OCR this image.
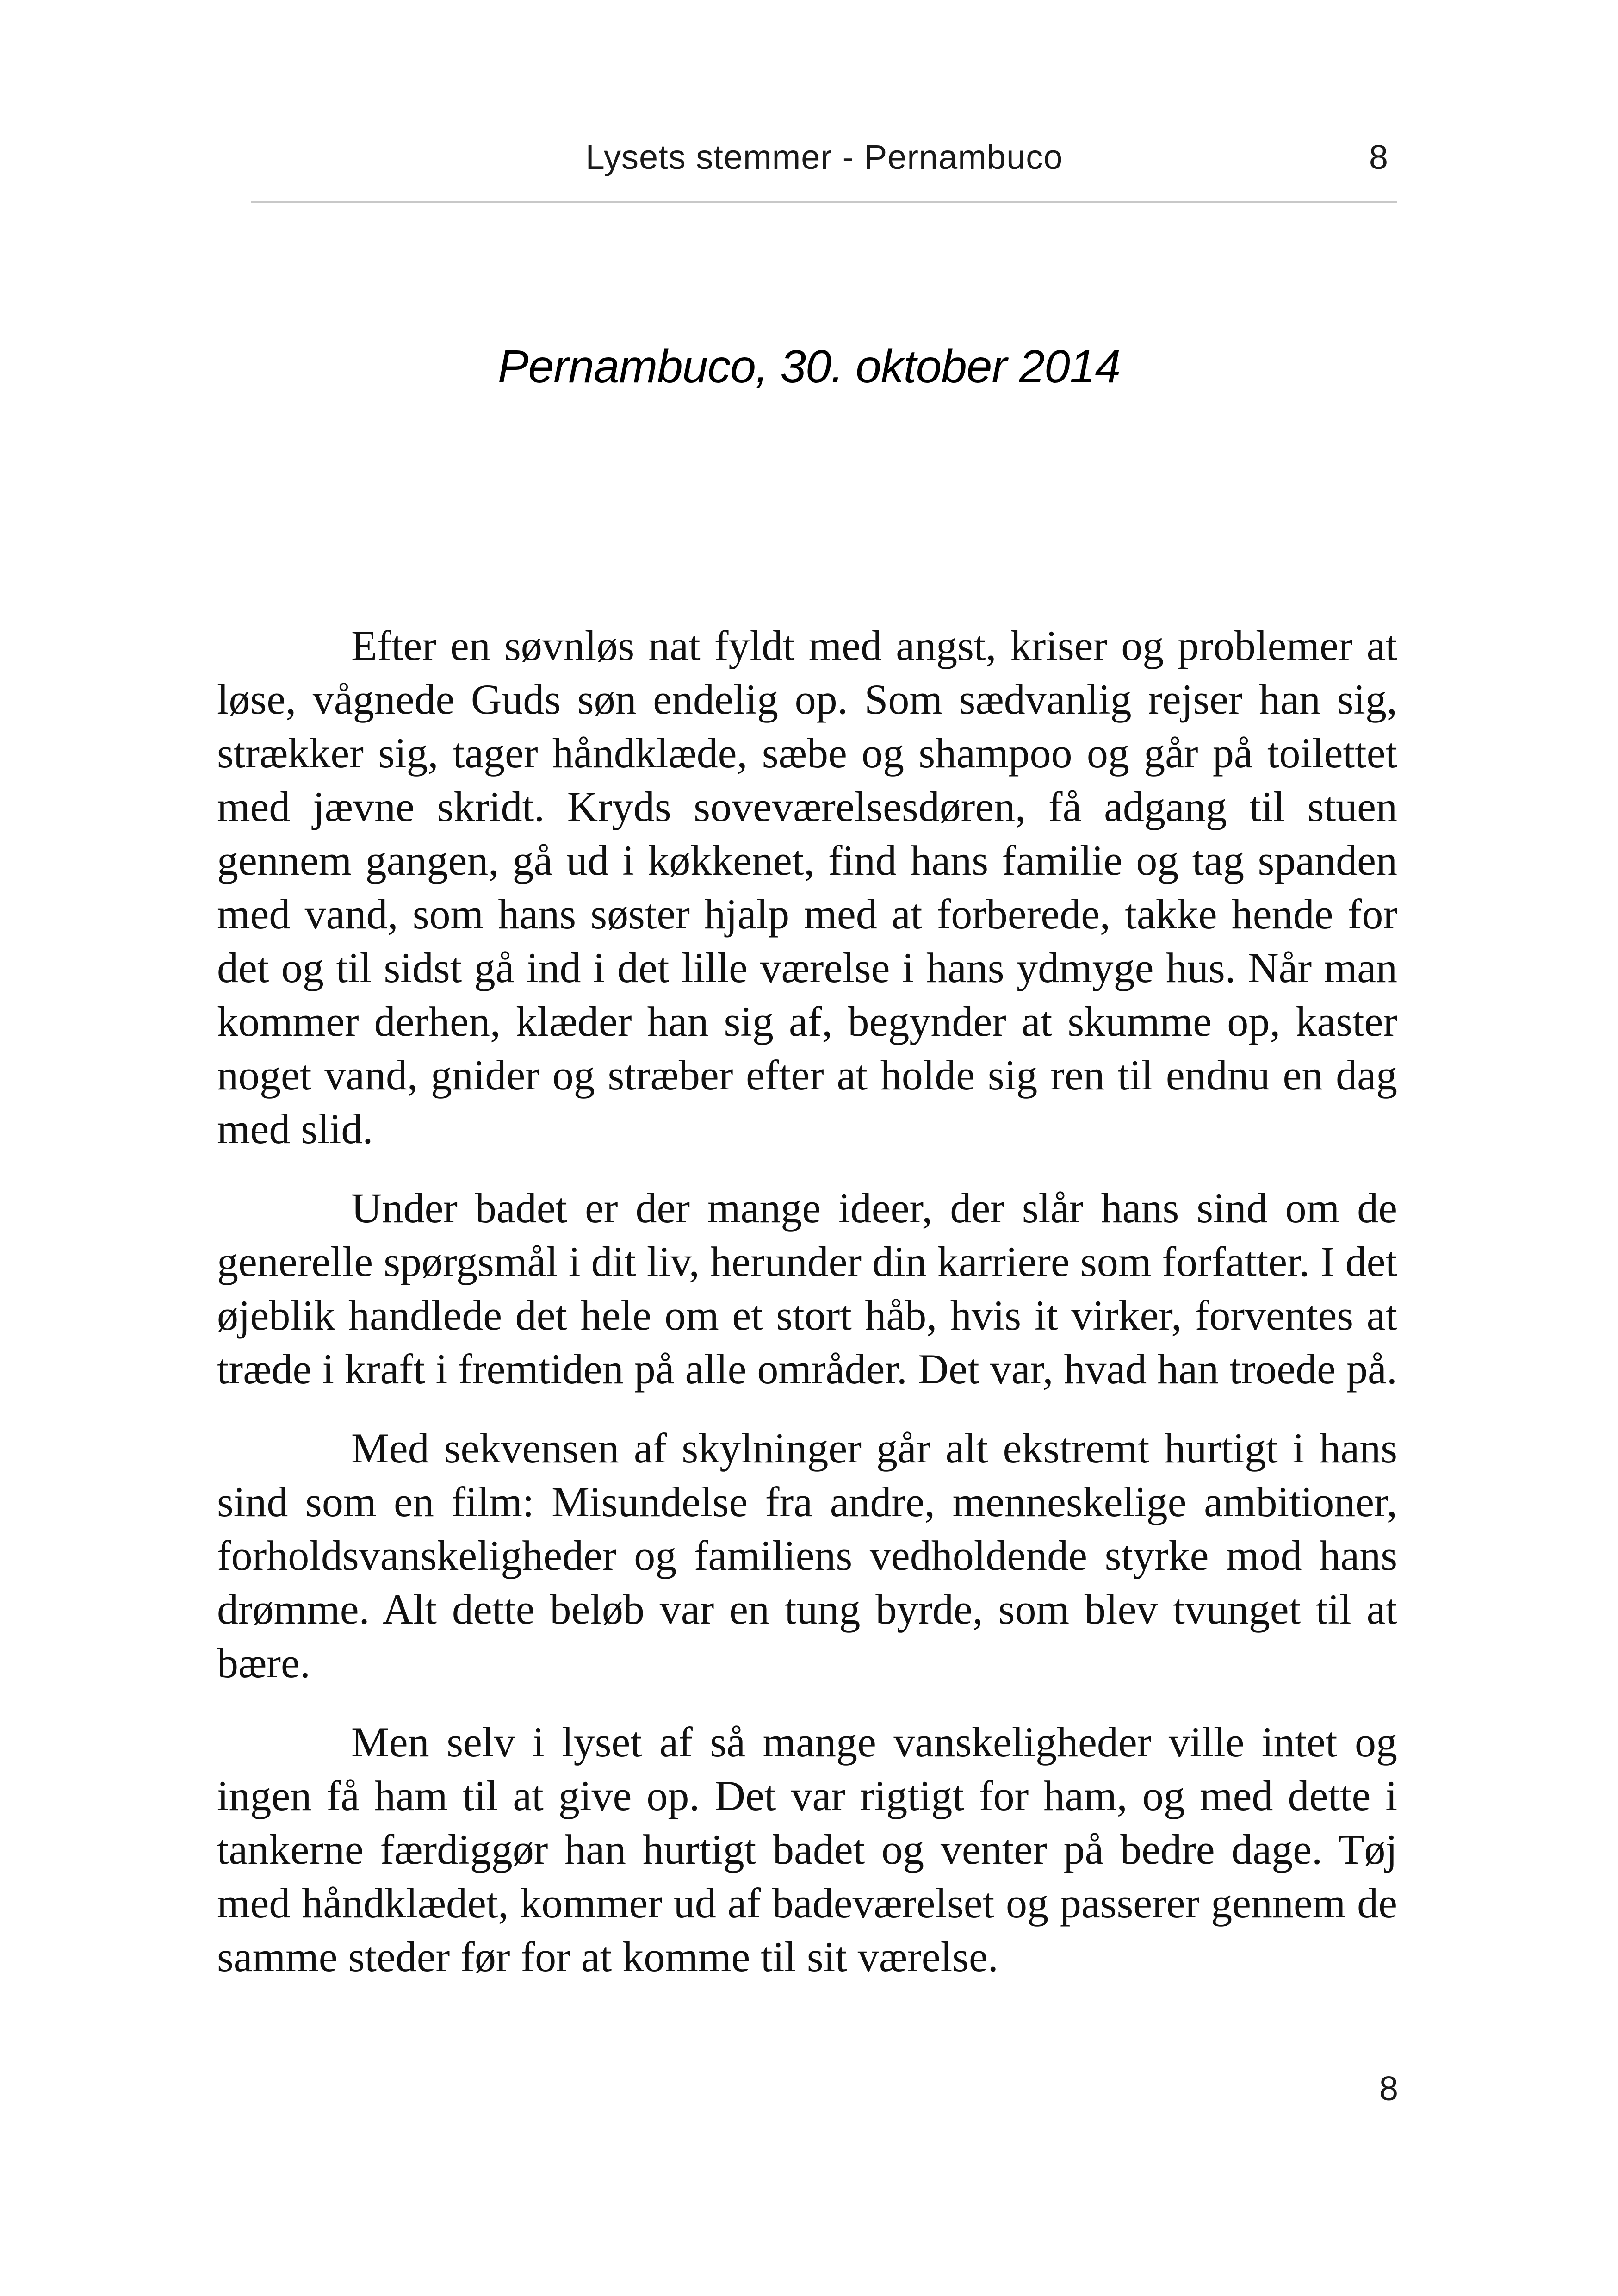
Lysets stemmer - Pernambuco	8
Pernambuco, 30. oktober 2014

Efter en søvnløs nat fyldt med angst, kriser og problemer at løse, vågnede Guds søn endelig op. Som sædvanlig rejser han sig, strækker sig, tager håndklæde, sæbe og shampoo og går på toilettet med jævne skridt. Kryds soveværelsesdøren, få adgang til stuen gennem gangen, gå ud i køkkenet, find hans familie og tag spanden med vand, som hans søster hjalp med at forberede, takke hende for det og til sidst gå ind i det lille værelse i hans ydmyge hus. Når man kommer derhen, klæder han sig af, begynder at skumme op, kaster noget vand, gnider og stræber efter at holde sig ren til endnu en dag med slid.

Under badet er der mange ideer, der slår hans sind om de generelle spørgsmål i dit liv, herunder din karriere som forfatter. I det øjeblik handlede det hele om et stort håb, hvis it virker, forventes at træde i kraft i fremtiden på alle områder. Det var, hvad han troede på.

Med sekvensen af skylninger går alt ekstremt hurtigt i hans sind som en film: Misundelse fra andre, menneskelige ambitioner, forholdsvanskeligheder og familiens vedholdende styrke mod hans drømme. Alt dette beløb var en tung byrde, som blev tvunget til at bære.

Men selv i lyset af så mange vanskeligheder ville intet og ingen få ham til at give op. Det var rigtigt for ham, og med dette i tankerne færdiggør han hurtigt badet og venter på bedre dage. Tøj med håndklædet, kommer ud af badeværelset og passerer gennem de samme steder før for at komme til sit værelse.

8
